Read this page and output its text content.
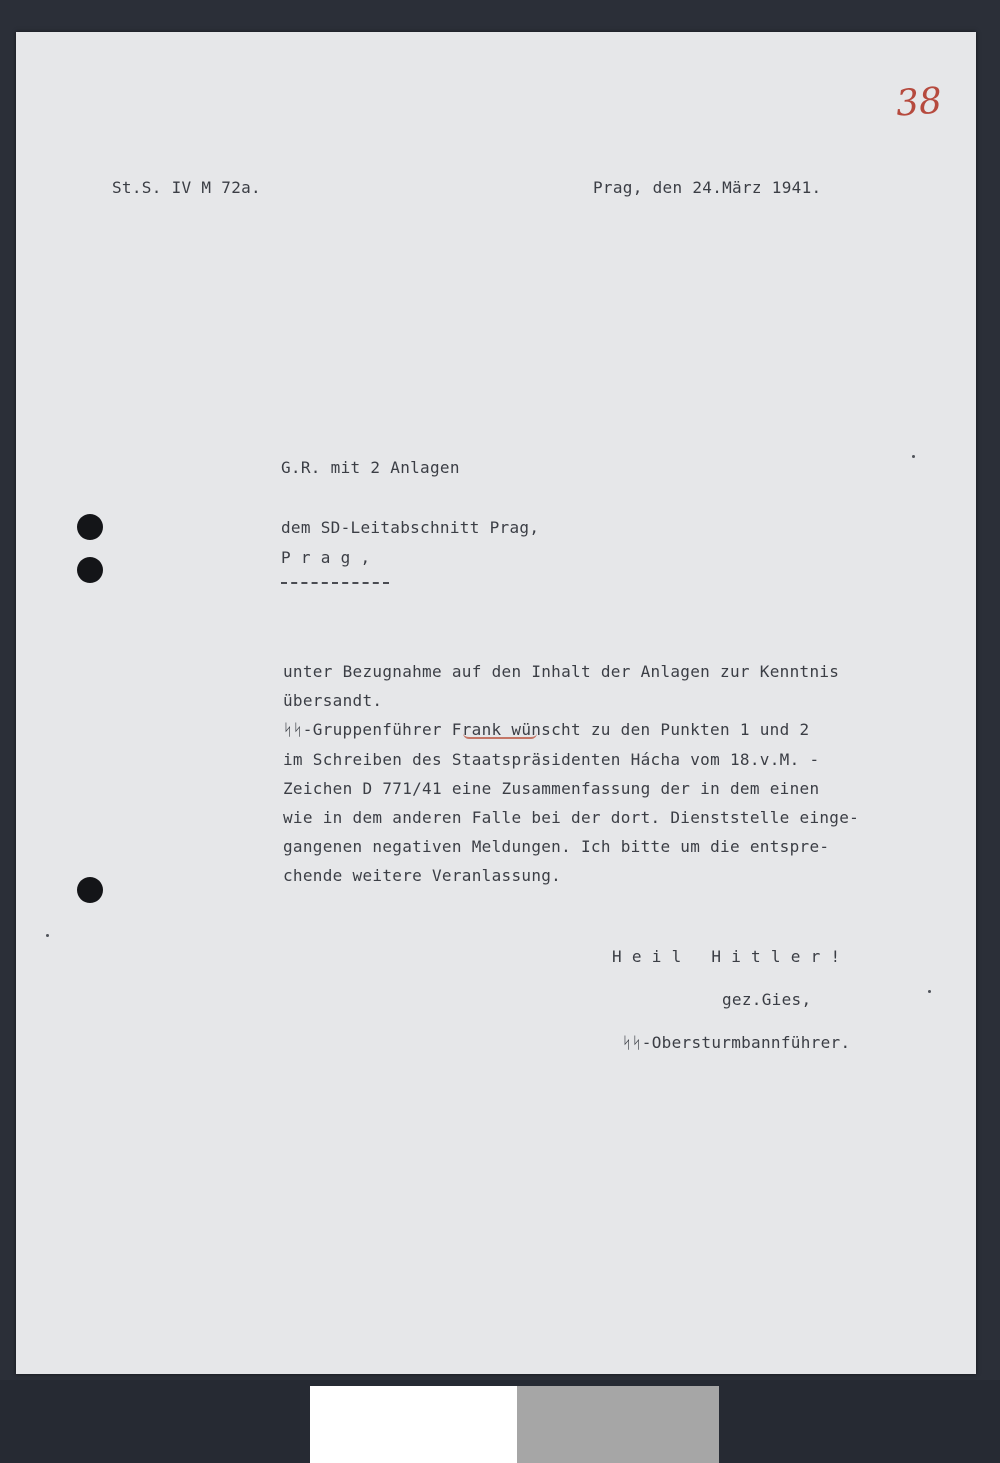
38

St.S. IV M 72a.	Prag, den 24.März 1941.

G.R. mit 2 Anlagen

dem SD-Leitabschnitt Prag,

P r a g ,

unter Bezugnahme auf den Inhalt der Anlagen zur Kenntnis
übersandt.
ᛋᛋ-Gruppenführer Frank wünscht zu den Punkten 1 und 2
im Schreiben des Staatspräsidenten Hácha vom 18.v.M. -
Zeichen D 771/41 eine Zusammenfassung der in dem einen
wie in dem anderen Falle bei der dort. Dienststelle einge-
gangenen negativen Meldungen. Ich bitte um die entspre-
chende weitere Veranlassung.

H e i l   H i t l e r !

gez.Gies,

ᛋᛋ-Obersturmbannführer.
